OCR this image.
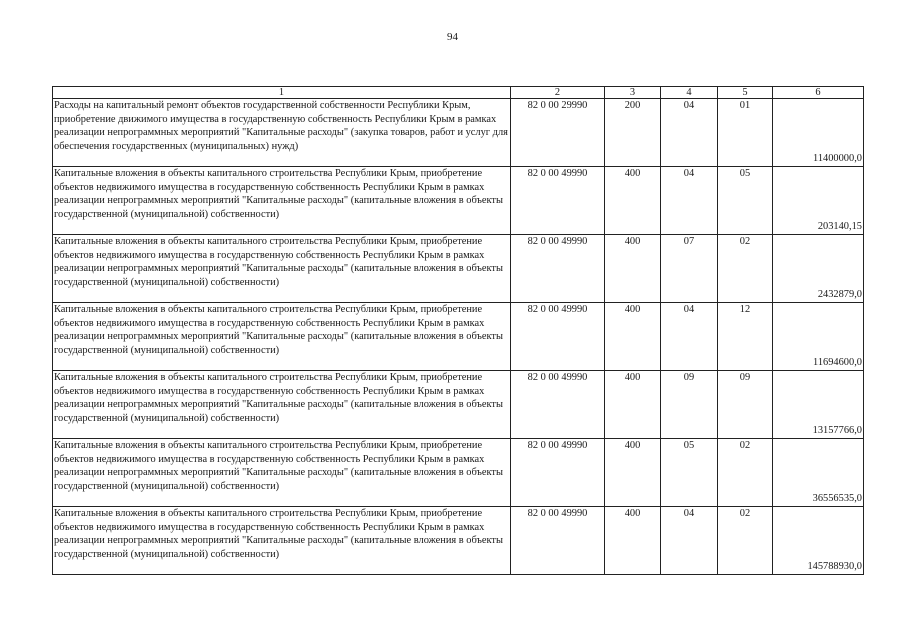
94
1	2	3	4	5	6
Расходы на капитальный ремонт объектов государственной собственности Республики Крым, приобретение движимого имущества в государственную собственность Республики Крым в рамках реализации непрограммных мероприятий "Капитальные расходы" (закупка товаров, работ и услуг для обеспечения государственных (муниципальных) нужд)	82 0 00 29990	200	04	01	11400000,0
Капитальные вложения в объекты капитального строительства Республики Крым, приобретение объектов недвижимого имущества в государственную собственность Республики Крым в рамках реализации непрограммных мероприятий "Капитальные расходы" (капитальные вложения в объекты государственной (муниципальной) собственности)	82 0 00 49990	400	04	05	203140,15
Капитальные вложения в объекты капитального строительства Республики Крым, приобретение объектов недвижимого имущества в государственную собственность Республики Крым в рамках реализации непрограммных мероприятий "Капитальные расходы" (капитальные вложения в объекты государственной (муниципальной) собственности)	82 0 00 49990	400	07	02	2432879,0
Капитальные вложения в объекты капитального строительства Республики Крым, приобретение объектов недвижимого имущества в государственную собственность Республики Крым в рамках реализации непрограммных мероприятий "Капитальные расходы" (капитальные вложения в объекты государственной (муниципальной) собственности)	82 0 00 49990	400	04	12	11694600,0
Капитальные вложения в объекты капитального строительства Республики Крым, приобретение объектов недвижимого имущества в государственную собственность Республики Крым в рамках реализации непрограммных мероприятий "Капитальные расходы" (капитальные вложения в объекты государственной (муниципальной) собственности)	82 0 00 49990	400	09	09	13157766,0
Капитальные вложения в объекты капитального строительства Республики Крым, приобретение объектов недвижимого имущества в государственную собственность Республики Крым в рамках реализации непрограммных мероприятий "Капитальные расходы" (капитальные вложения в объекты государственной (муниципальной) собственности)	82 0 00 49990	400	05	02	36556535,0
Капитальные вложения в объекты капитального строительства Республики Крым, приобретение объектов недвижимого имущества в государственную собственность Республики Крым в рамках реализации непрограммных мероприятий "Капитальные расходы" (капитальные вложения в объекты государственной (муниципальной) собственности)	82 0 00 49990	400	04	02	145788930,0
